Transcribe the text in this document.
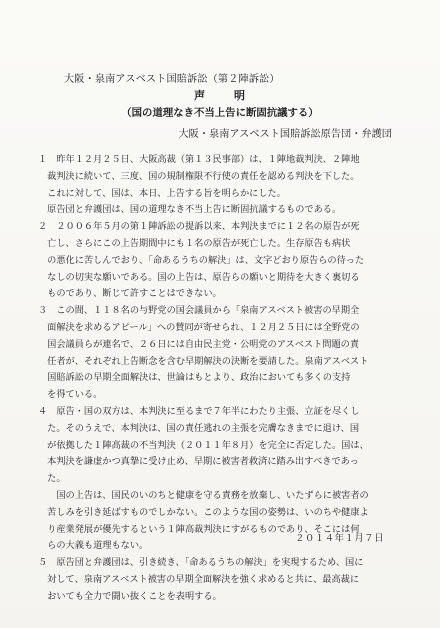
大阪・泉南アスベスト国賠訴訟（第２陣訴訟）
声　明
（国の道理なき不当上告に断固抗議する）
大阪・泉南アスベスト国賠訴訟原告団・弁護団
１　昨年１２月２５日、大阪高裁（第１３民事部）は、１陣地裁判決、２陣地
　裁判決に続いて、三度、国の規制権限不行使の責任を認める判決を下した。
　これに対して、国は、本日、上告する旨を明らかにした。
　原告団と弁護団は、国の道理なき不当上告に断固抗議するものである。
２　２００６年５月の第１陣訴訟の提訴以来、本判決までに１２名の原告が死
　亡し、さらにこの上告期間中にも１名の原告が死亡した。生存原告も病状
　の悪化に苦しんでおり、「命あるうちの解決」は、文字どおり原告らの待った
　なしの切実な願いである。国の上告は、原告らの願いと期待を大きく裏切る
　ものであり、断じて許すことはできない。
３　この間、１１８名の与野党の国会議員から「泉南アスベスト被害の早期全
　面解決を求めるアピール」への賛同が寄せられ、１２月２５日には全野党の
　国会議員らが連名で、２６日には自由民主党・公明党のアスベスト問題の責
　任者が、それぞれ上告断念を含む早期解決の決断を要請した。泉南アスベスト
　国賠訴訟の早期全面解決は、世論はもとより、政治においても多くの支持
　を得ている。
４　原告・国の双方は、本判決に至るまで７年半にわたり主張、立証を尽くし
　た。そのうえで、本判決は、国の責任逃れの主張を完膚なきまでに退け、国
　が依拠した１陣高裁の不当判決（２０１１年８月）を完全に否定した。国は、
　本判決を謙虚かつ真摯に受け止め、早期に被害者救済に踏み出すべきであっ
　た。
　　国の上告は、国民のいのちと健康を守る責務を放棄し、いたずらに被害者の
　苦しみを引き延ばすものでしかない。このような国の姿勢は、いのちや健康よ
　り産業発展が優先するという１陣高裁判決にすがるものであり、そこには何
　らの大義も道理もない。
５　原告団と弁護団は、引き続き、「命あるうちの解決」を実現するため、国に
　対して、泉南アスベスト被害の早期全面解決を強く求めると共に、最高裁に
　おいても全力で闘い抜くことを表明する。
２０１４年１月７日
